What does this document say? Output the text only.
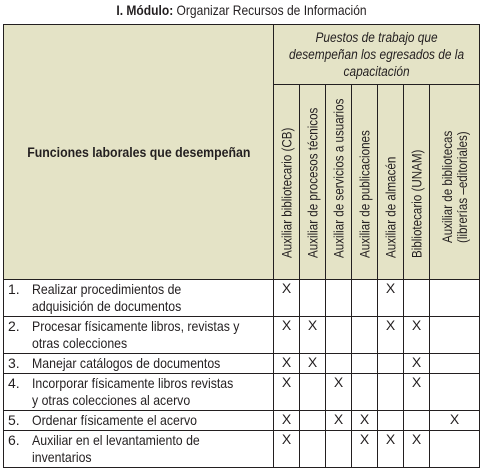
I. Módulo: Organizar Recursos de Información
Funciones laborales que desempeñan	Puestos de trabajo que desempeñan los egresados de la capacitación						

	Auxiliar bibliotecario (CB)	Auxiliar de procesos técnicos	Auxiliar de servicios a usuarios	Auxiliar de publicaciones	Auxiliar de almacén	Bibliotecario (UNAM)	Auxiliar de bibliotecas
(librerías –editoriales)

1. Realizar procedimientos de adquisición de documentos	X				X		

2. Procesar físicamente libros, revistas y otras colecciones	X	X			X	X	

3. Manejar catálogos de documentos	X	X				X	

4. Incorporar físicamente libros revistas y otras colecciones al acervo	X		X			X	

5. Ordenar físicamente el acervo	X		X	X			X

6. Auxiliar en el levantamiento de inventarios	X			X	X	X	
